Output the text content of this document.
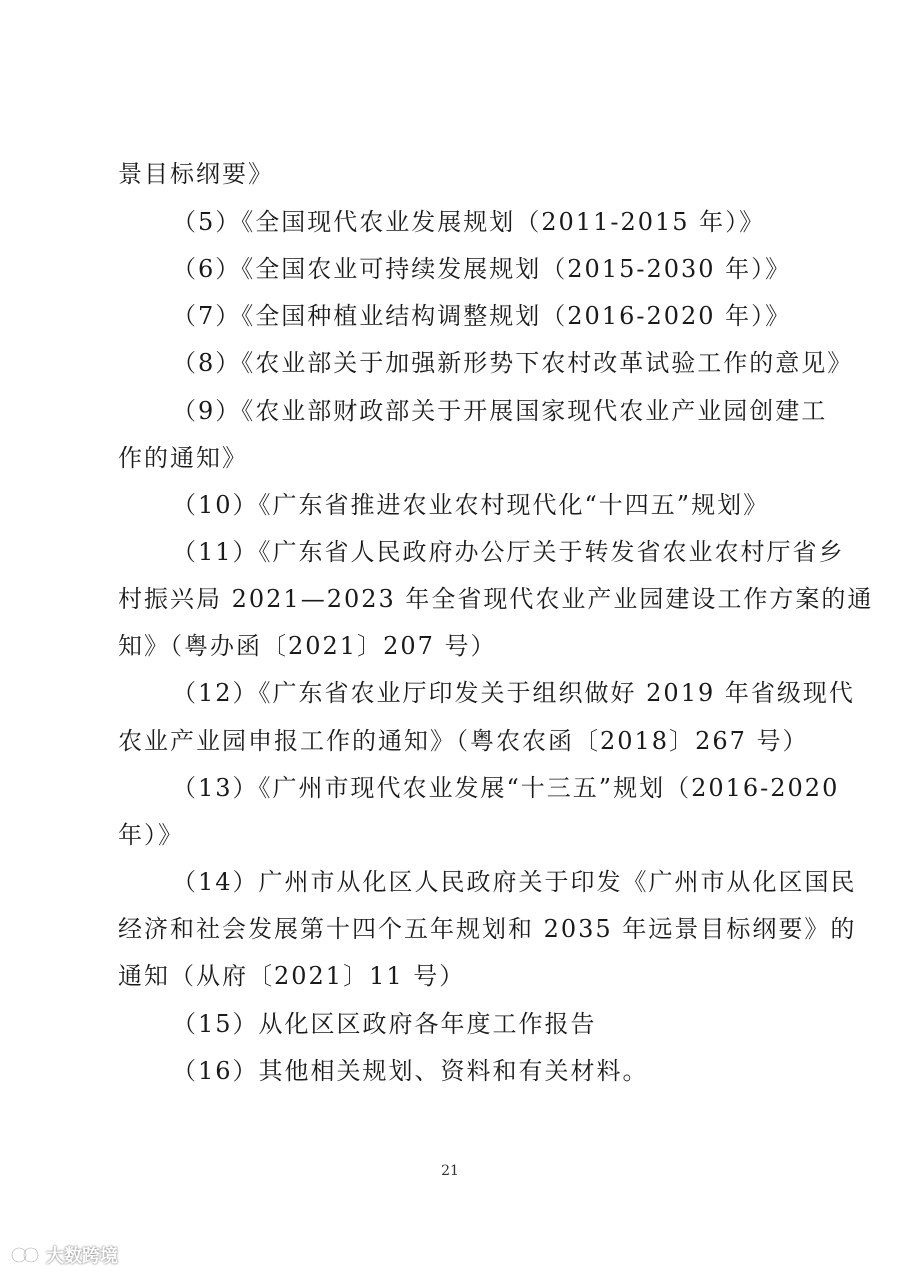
景目标纲要》
（5）《全国现代农业发展规划（2011-2015 年）》
（6）《全国农业可持续发展规划（2015-2030 年）》
（7）《全国种植业结构调整规划（2016-2020 年）》
（8）《农业部关于加强新形势下农村改革试验工作的意见》
（9）《农业部财政部关于开展国家现代农业产业园创建工
作的通知》
（10）《广东省推进农业农村现代化“十四五”规划》
（11）《广东省人民政府办公厅关于转发省农业农村厅省乡
村振兴局 2021—2023 年全省现代农业产业园建设工作方案的通
知》（粤办函〔2021〕207 号）
（12）《广东省农业厅印发关于组织做好 2019 年省级现代
农业产业园申报工作的通知》（粤农农函〔2018〕267 号）
（13）《广州市现代农业发展“十三五”规划（2016-2020
年）》
（14）广州市从化区人民政府关于印发《广州市从化区国民
经济和社会发展第十四个五年规划和 2035 年远景目标纲要》的
通知（从府〔2021〕11 号）
（15）从化区区政府各年度工作报告
（16）其他相关规划、资料和有关材料。
21
大数跨境
